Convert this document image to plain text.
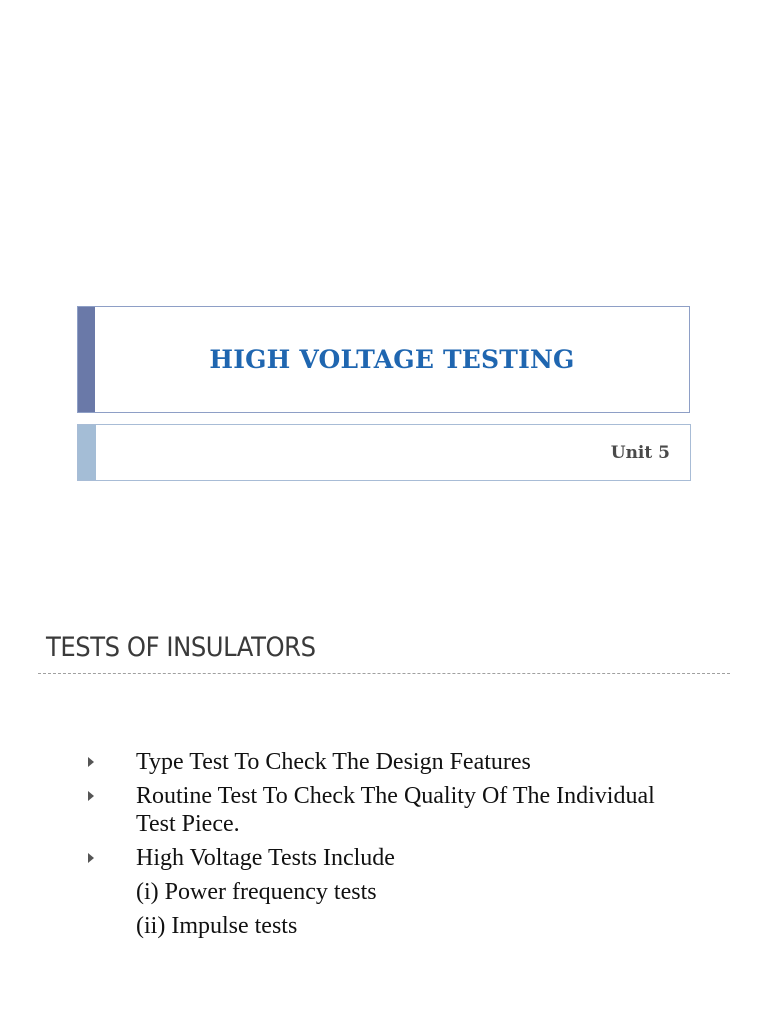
HIGH VOLTAGE TESTING
Unit 5
TESTS OF INSULATORS
Type Test To Check The Design Features
Routine Test To Check The Quality Of The Individual Test Piece.
High Voltage Tests Include
(i) Power frequency tests
(ii) Impulse tests
